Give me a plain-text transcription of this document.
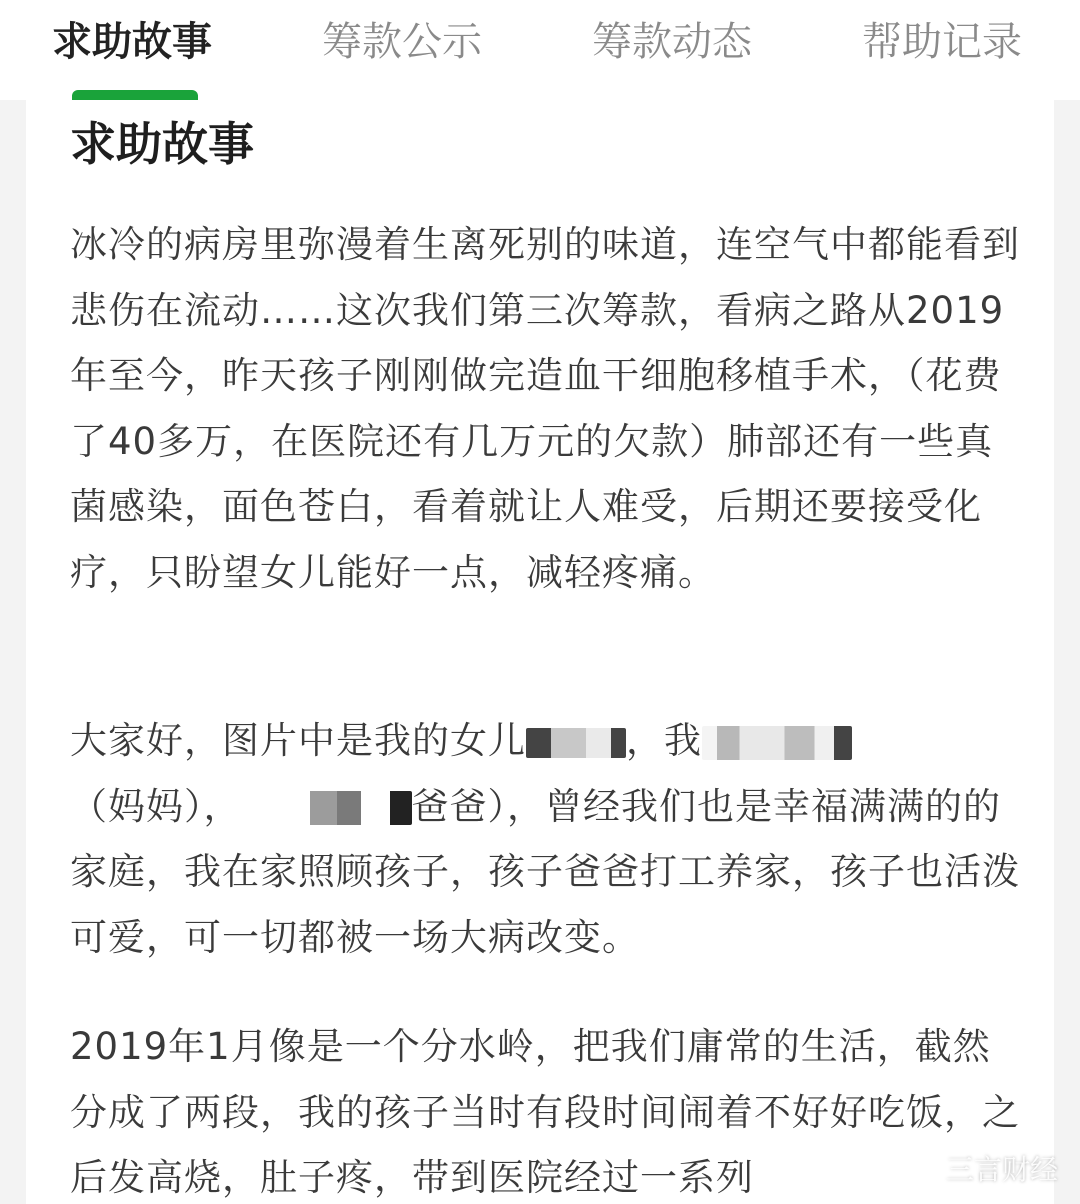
求助故事	筹款公示	筹款动态	帮助记录
求助故事

冰冷的病房里弥漫着生离死别的味道，连空气中都能看到悲伤在流动……这次我们第三次筹款，看病之路从2019年至今，昨天孩子刚刚做完造血干细胞移植手术，（花费了40多万，在医院还有几万元的欠款）肺部还有一些真菌感染，面色苍白，看着就让人难受，后期还要接受化疗，只盼望女儿能好一点，减轻疼痛。

大家好，图片中是我的女儿	，我
（妈妈），	爸爸），曾经我们也是幸福满满的的家庭，我在家照顾孩子，孩子爸爸打工养家，孩子也活泼可爱，可一切都被一场大病改变。

2019年1月像是一个分水岭，把我们庸常的生活，截然分成了两段，我的孩子当时有段时间闹着不好好吃饭，之后发高烧，肚子疼，带到医院经过一系列	三言财经
